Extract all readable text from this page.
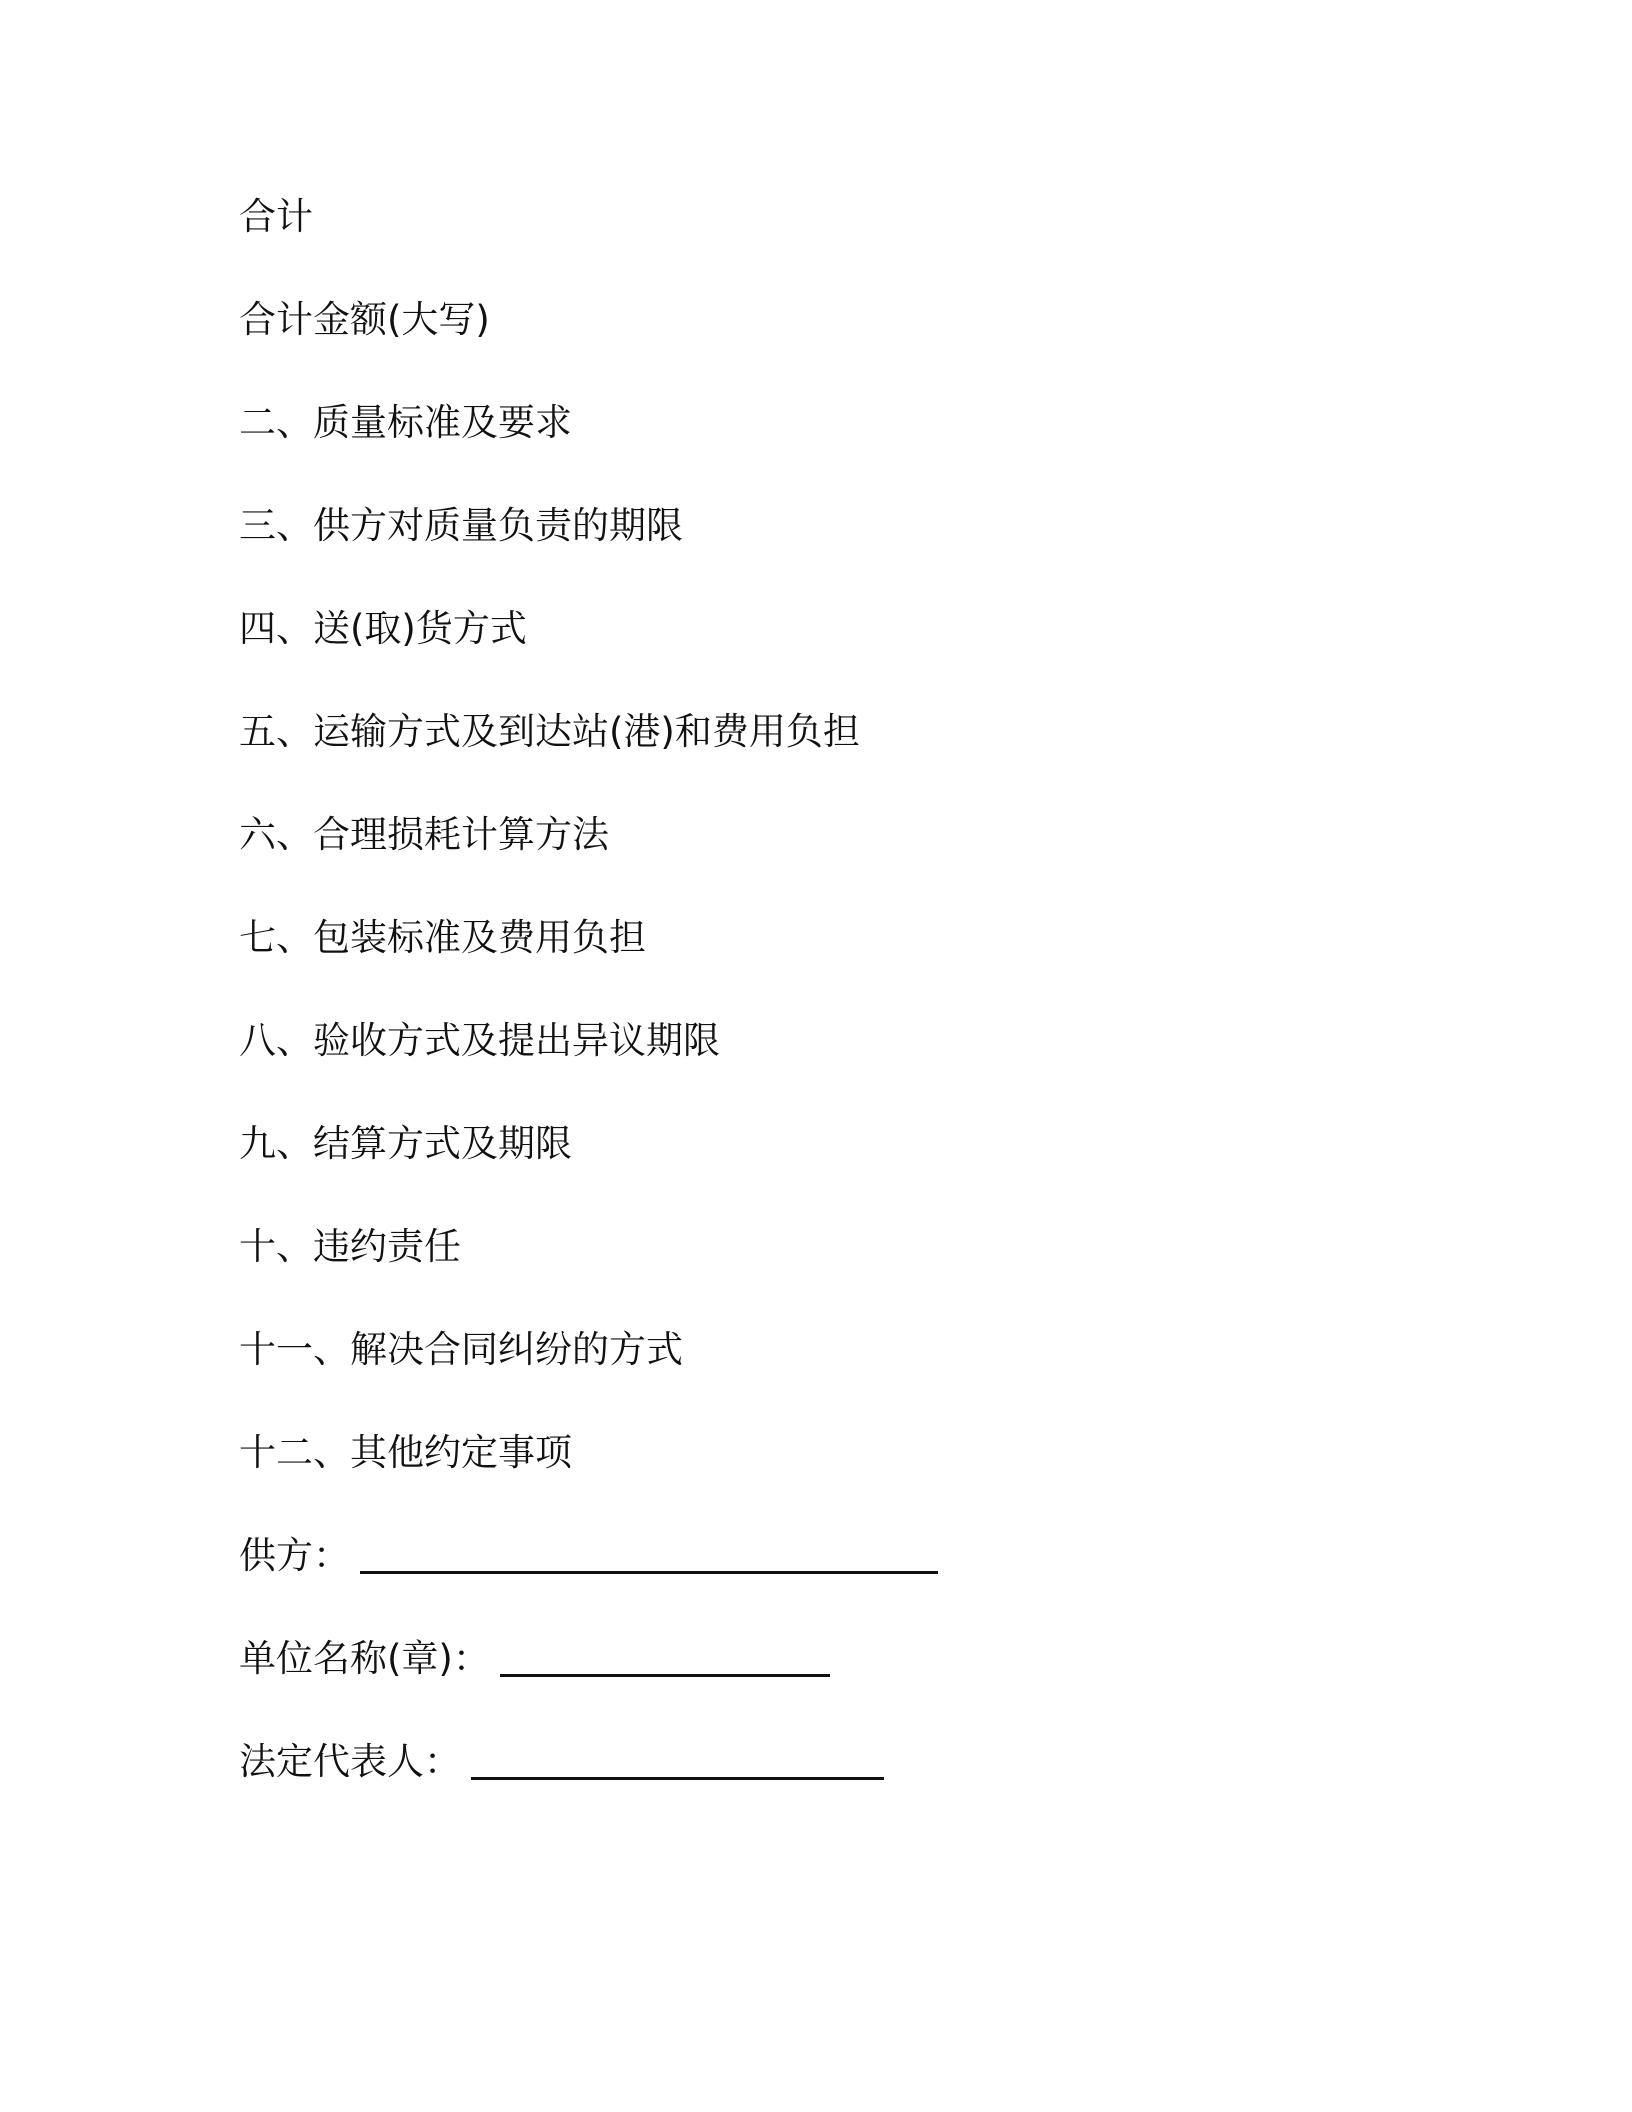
合计
合计金额(大写)
二、质量标准及要求
三、供方对质量负责的期限
四、送(取)货方式
五、运输方式及到达站(港)和费用负担
六、合理损耗计算方法
七、包装标准及费用负担
八、验收方式及提出异议期限
九、结算方式及期限
十、违约责任
十一、解决合同纠纷的方式
十二、其他约定事项
供方：
单位名称(章)：
法定代表人：
